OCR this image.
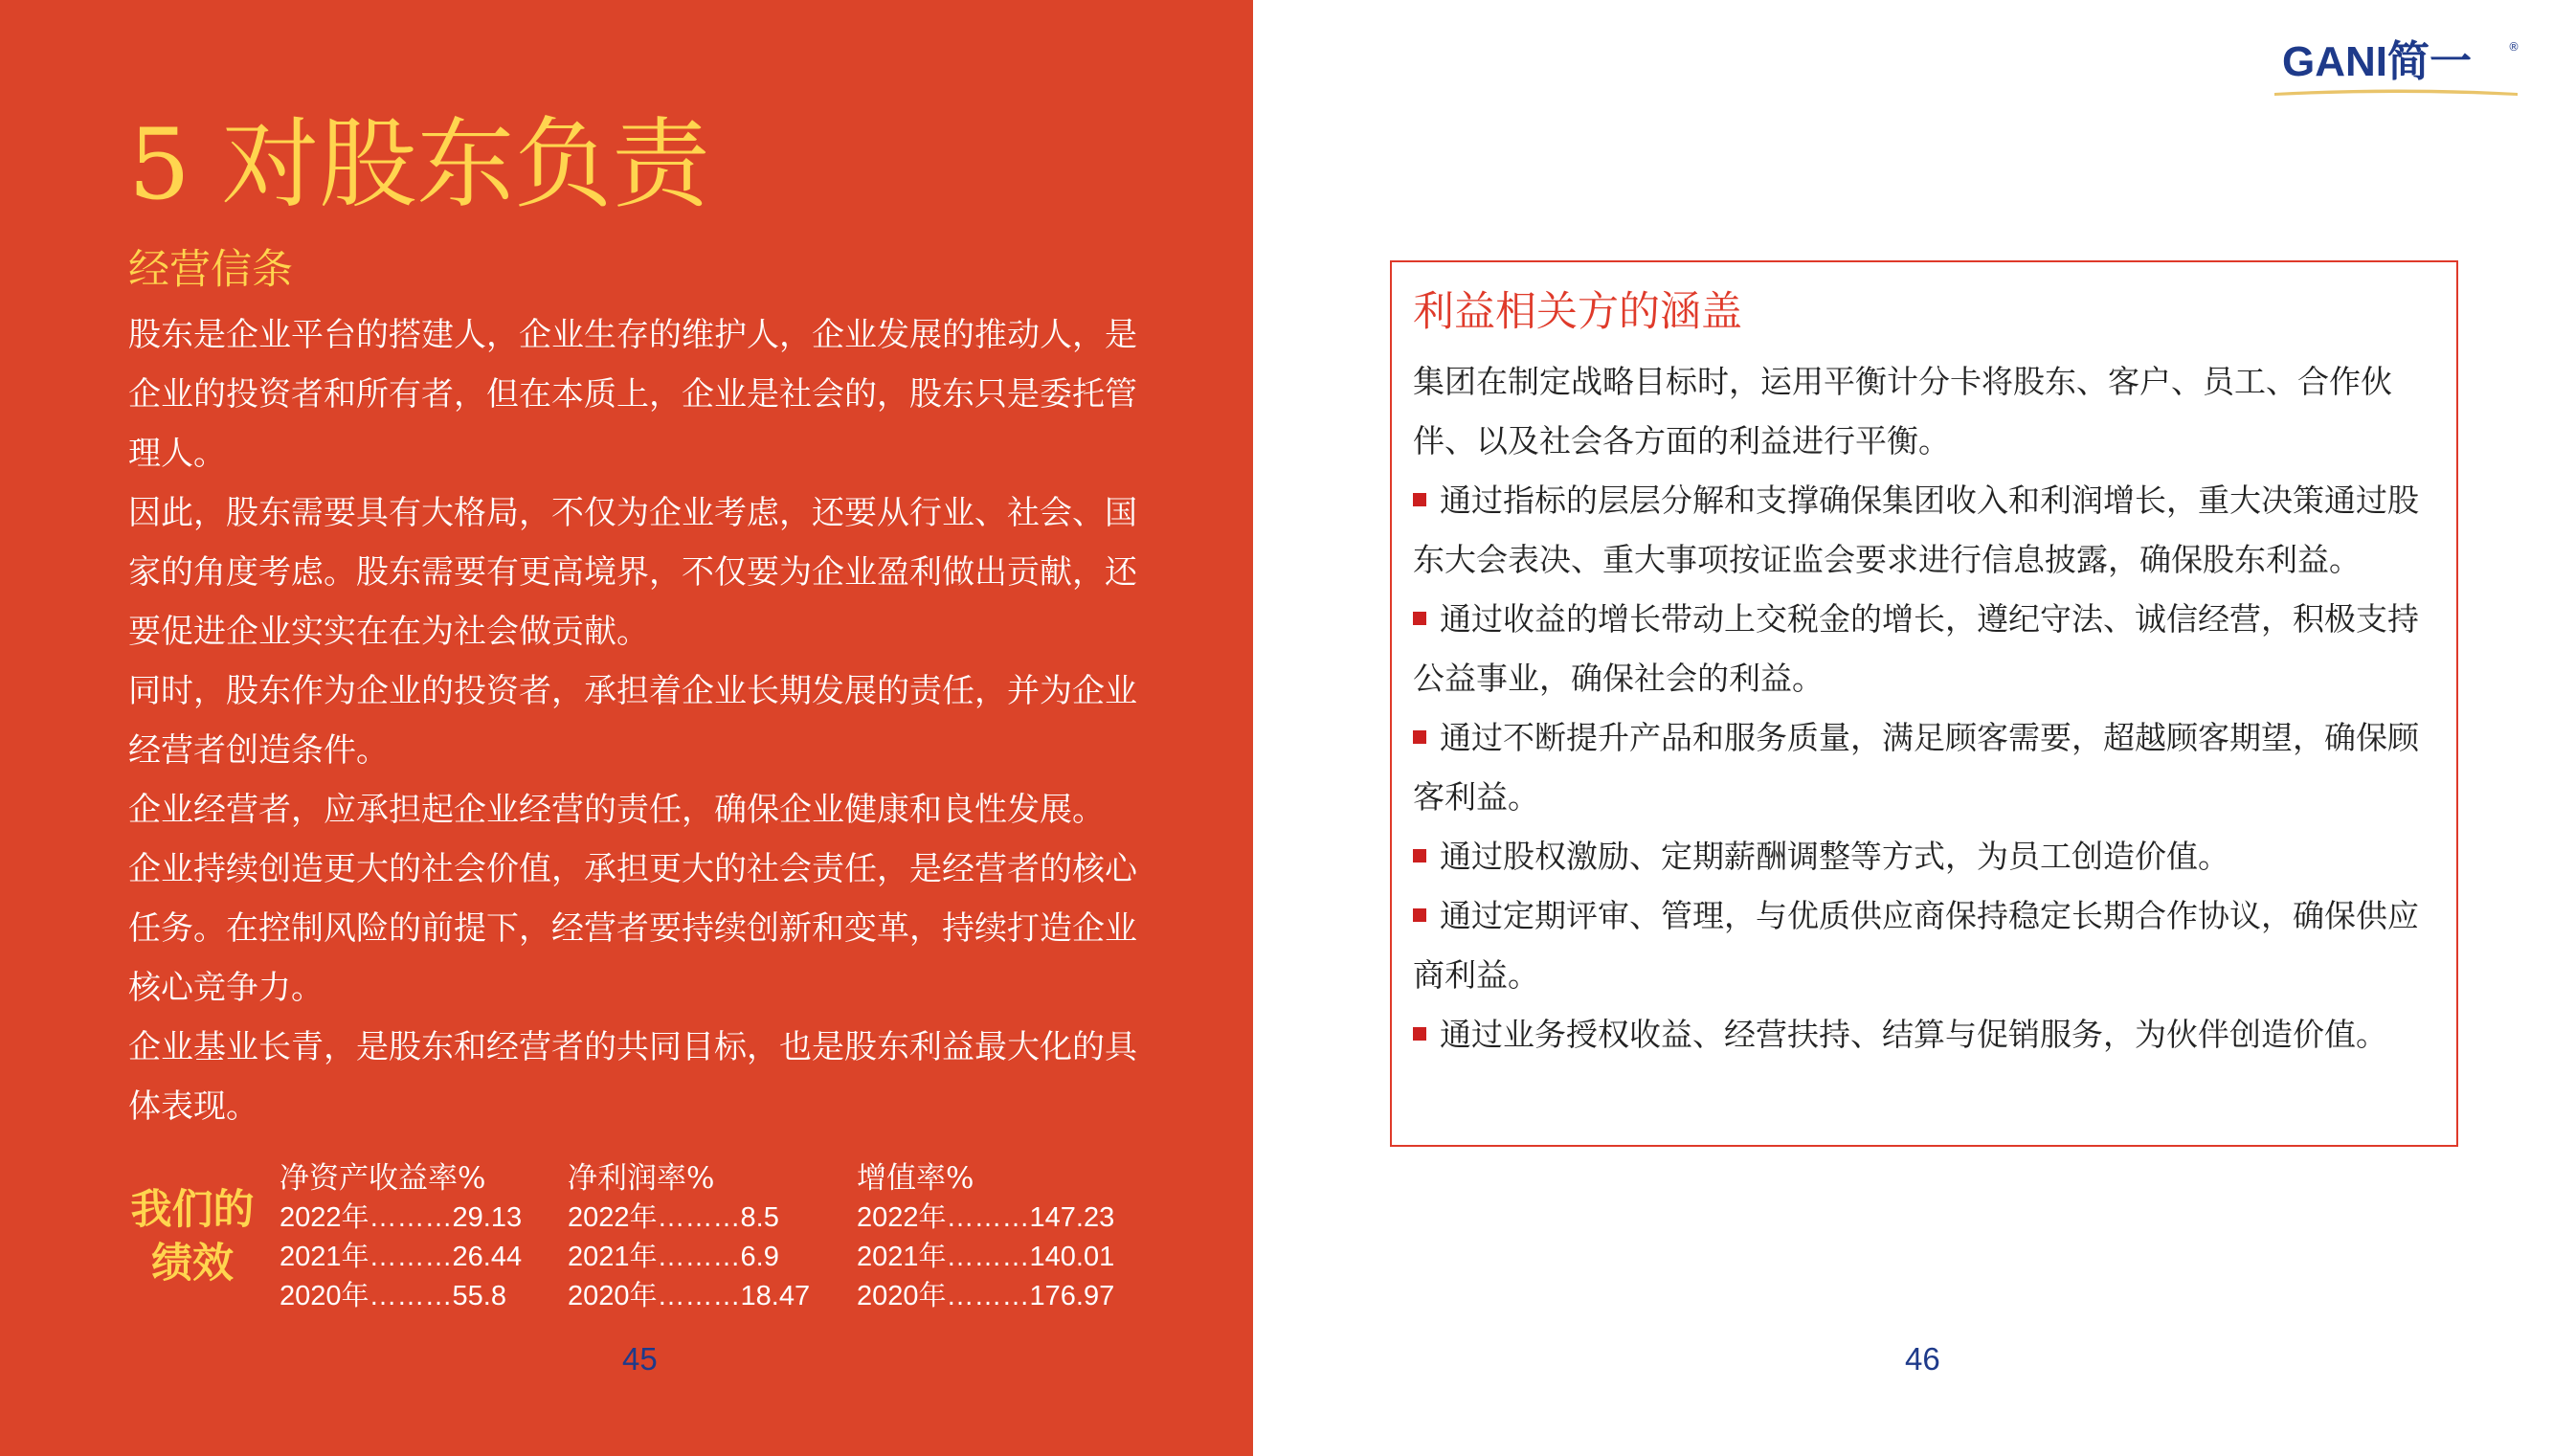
5 对股东负责
经营信条

股东是企业平台的搭建人，企业生存的维护人，企业发展的推动人，是企业的投资者和所有者，但在本质上，企业是社会的，股东只是委托管理人。

因此，股东需要具有大格局，不仅为企业考虑，还要从行业、社会、国家的角度考虑。股东需要有更高境界，不仅要为企业盈利做出贡献，还要促进企业实实在在为社会做贡献。

同时，股东作为企业的投资者，承担着企业长期发展的责任，并为企业经营者创造条件。

企业经营者，应承担起企业经营的责任，确保企业健康和良性发展。

企业持续创造更大的社会价值，承担更大的社会责任，是经营者的核心任务。在控制风险的前提下，经营者要持续创新和变革，持续打造企业核心竞争力。

企业基业长青，是股东和经营者的共同目标，也是股东利益最大化的具体表现。

我们的绩效
净资产收益率%
2022年………29.13
2021年………26.44
2020年………55.8
净利润率%
2022年………8.5
2021年………6.9
2020年………18.47
增值率%
2022年………147.23
2021年………140.01
2020年………176.97
45
GANI简一	®
利益相关方的涵盖

集团在制定战略目标时，运用平衡计分卡将股东、客户、员工、合作伙伴、以及社会各方面的利益进行平衡。

通过指标的层层分解和支撑确保集团收入和利润增长，重大决策通过股东大会表决、重大事项按证监会要求进行信息披露，确保股东利益。

通过收益的增长带动上交税金的增长，遵纪守法、诚信经营，积极支持公益事业，确保社会的利益。

通过不断提升产品和服务质量，满足顾客需要，超越顾客期望，确保顾客利益。

通过股权激励、定期薪酬调整等方式，为员工创造价值。

通过定期评审、管理，与优质供应商保持稳定长期合作协议，确保供应商利益。

通过业务授权收益、经营扶持、结算与促销服务，为伙伴创造价值。

46
